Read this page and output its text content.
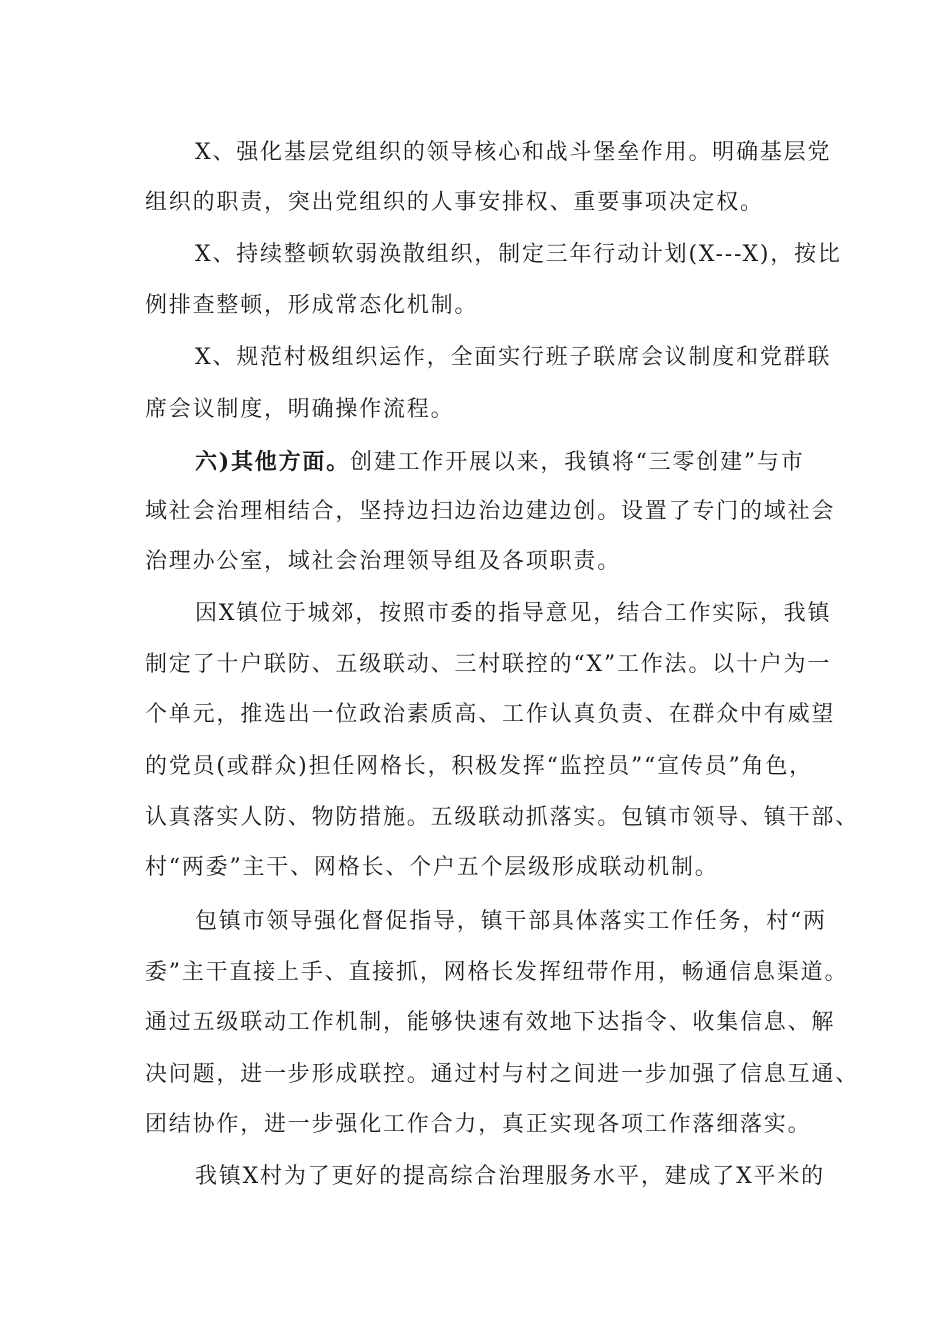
X、强化基层党组织的领导核心和战斗堡垒作用。明确基层党
组织的职责，突出党组织的人事安排权、重要事项决定权。
X、持续整顿软弱涣散组织，制定三年行动计划(X---X)，按比
例排查整顿，形成常态化机制。
X、规范村极组织运作，全面实行班子联席会议制度和党群联
席会议制度，明确操作流程。
六)其他方面。创建工作开展以来，我镇将“三零创建”与市
域社会治理相结合，坚持边扫边治边建边创。设置了专门的域社会
治理办公室，域社会治理领导组及各项职责。
因X镇位于城郊，按照市委的指导意见，结合工作实际，我镇
制定了十户联防、五级联动、三村联控的“X”工作法。以十户为一
个单元，推选出一位政治素质高、工作认真负责、在群众中有威望
的党员(或群众)担任网格长，积极发挥“监控员”“宣传员”角色，
认真落实人防、物防措施。五级联动抓落实。包镇市领导、镇干部、
村“两委”主干、网格长、个户五个层级形成联动机制。
包镇市领导强化督促指导，镇干部具体落实工作任务，村“两
委”主干直接上手、直接抓，网格长发挥纽带作用，畅通信息渠道。
通过五级联动工作机制，能够快速有效地下达指令、收集信息、解
决问题，进一步形成联控。通过村与村之间进一步加强了信息互通、
团结协作，进一步强化工作合力，真正实现各项工作落细落实。
我镇X村为了更好的提高综合治理服务水平，建成了X平米的
